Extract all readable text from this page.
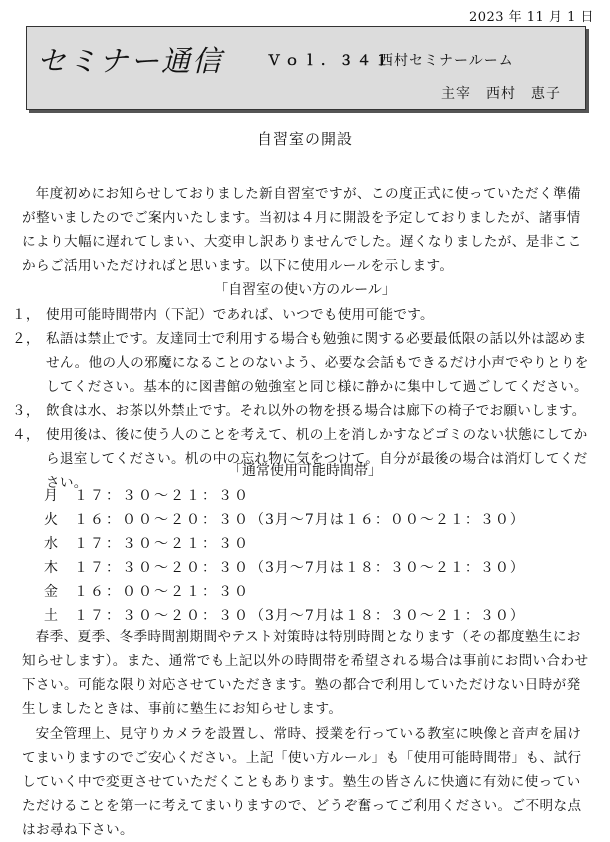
2023 年 11 月 1 日
セミナー通信	Ｖｏｌ．３４１
西村セミナールーム
主宰　西村　恵子
自習室の開設
年度初めにお知らせしておりました新自習室ですが、この度正式に使っていただく準備が整いましたのでご案内いたします。当初は４月に開設を予定しておりましたが、諸事情により大幅に遅れてしまい、大変申し訳ありませんでした。遅くなりましたが、是非ここからご活用いただければと思います。以下に使用ルールを示します。
「自習室の使い方のルール」
１， 使用可能時間帯内（下記）であれば、いつでも使用可能です。
２， 私語は禁止です。友達同士で利用する場合も勉強に関する必要最低限の話以外は認めません。他の人の邪魔になることのないよう、必要な会話もできるだけ小声でやりとりをしてください。基本的に図書館の勉強室と同じ様に静かに集中して過ごしてください。
３， 飲食は水、お茶以外禁止です。それ以外の物を摂る場合は廊下の椅子でお願いします。
４， 使用後は、後に使う人のことを考えて、机の上を消しかすなどゴミのない状態にしてから退室してください。机の中の忘れ物に気をつけて。自分が最後の場合は消灯してください。
「通常使用可能時間帯」
月 １７：３０～２１：３０
火 １６：００～２０：３０（3月～7月は１６：００～２１：３０）
水 １７：３０～２１：３０
木 １７：３０～２０：３０（3月～7月は１８：３０～２１：３０）
金 １６：００～２１：３０
土 １７：３０～２０：３０（3月～7月は１８：３０～２１：３０）
春季、夏季、冬季時間割期間やテスト対策時は特別時間となります（その都度塾生にお知らせします）。また、通常でも上記以外の時間帯を希望される場合は事前にお問い合わせ下さい。可能な限り対応させていただきます。塾の都合で利用していただけない日時が発生しましたときは、事前に塾生にお知らせします。
安全管理上、見守りカメラを設置し、常時、授業を行っている教室に映像と音声を届けてまいりますのでご安心ください。上記「使い方ルール」も「使用可能時間帯」も、試行していく中で変更させていただくこともあります。塾生の皆さんに快適に有効に使っていただけることを第一に考えてまいりますので、どうぞ奮ってご利用ください。ご不明な点はお尋ね下さい。
